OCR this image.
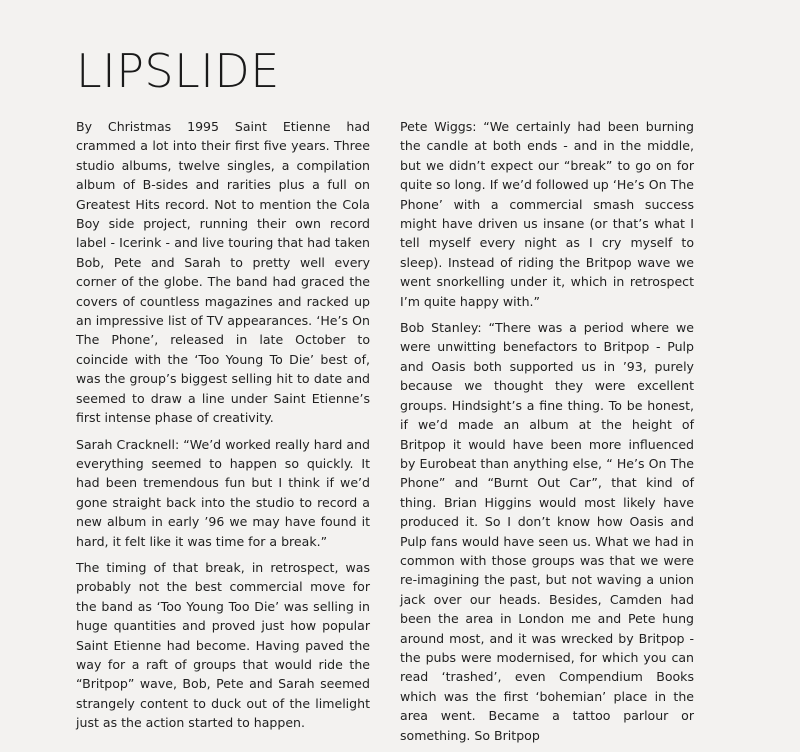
LIPSLIDE

By Christmas 1995 Saint Etienne had crammed a lot into their first five years. Three studio albums, twelve singles, a compilation album of B-sides and rarities plus a full on Greatest Hits record. Not to mention the Cola Boy side project, running their own record label - Icerink - and live touring that had taken Bob, Pete and Sarah to pretty well every corner of the globe. The band had graced the covers of countless magazines and racked up an impressive list of TV appearances. ‘He’s On The Phone’, released in late October to coincide with the ‘Too Young To Die’ best of, was the group’s biggest selling hit to date and seemed to draw a line under Saint Etienne’s first intense phase of creativity.

Sarah Cracknell: “We’d worked really hard and everything seemed to happen so quickly. It had been tremendous fun but I think if we’d gone straight back into the studio to record a new album in early ’96 we may have found it hard, it felt like it was time for a break.”

The timing of that break, in retrospect, was probably not the best commercial move for the band as ‘Too Young Too Die’ was selling in huge quantities and proved just how popular Saint Etienne had become. Having paved the way for a raft of groups that would ride the “Britpop” wave, Bob, Pete and Sarah seemed strangely content to duck out of the limelight just as the action started to happen.

Pete Wiggs: “We certainly had been burning the candle at both ends - and in the middle, but we didn’t expect our “break” to go on for quite so long. If we’d followed up ‘He’s On The Phone’ with a commercial smash success might have driven us insane (or that’s what I tell myself every night as I cry myself to sleep). Instead of riding the Britpop wave we went snorkelling under it, which in retrospect I’m quite happy with.”

Bob Stanley: “There was a period where we were unwitting benefactors to Britpop - Pulp and Oasis both supported us in ’93, purely because we thought they were excellent groups. Hindsight’s a fine thing. To be honest, if we’d made an album at the height of Britpop it would have been more influenced by Eurobeat than anything else, “ He’s On The Phone” and “Burnt Out Car”, that kind of thing. Brian Higgins would most likely have produced it. So I don’t know how Oasis and Pulp fans would have seen us. What we had in common with those groups was that we were re-imagining the past, but not waving a union jack over our heads. Besides, Camden had been the area in London me and Pete hung around most, and it was wrecked by Britpop - the pubs were modernised, for which you can read ‘trashed’, even Compendium Books which was the first ‘bohemian’ place in the area went. Became a tattoo parlour or something. So Britpop
